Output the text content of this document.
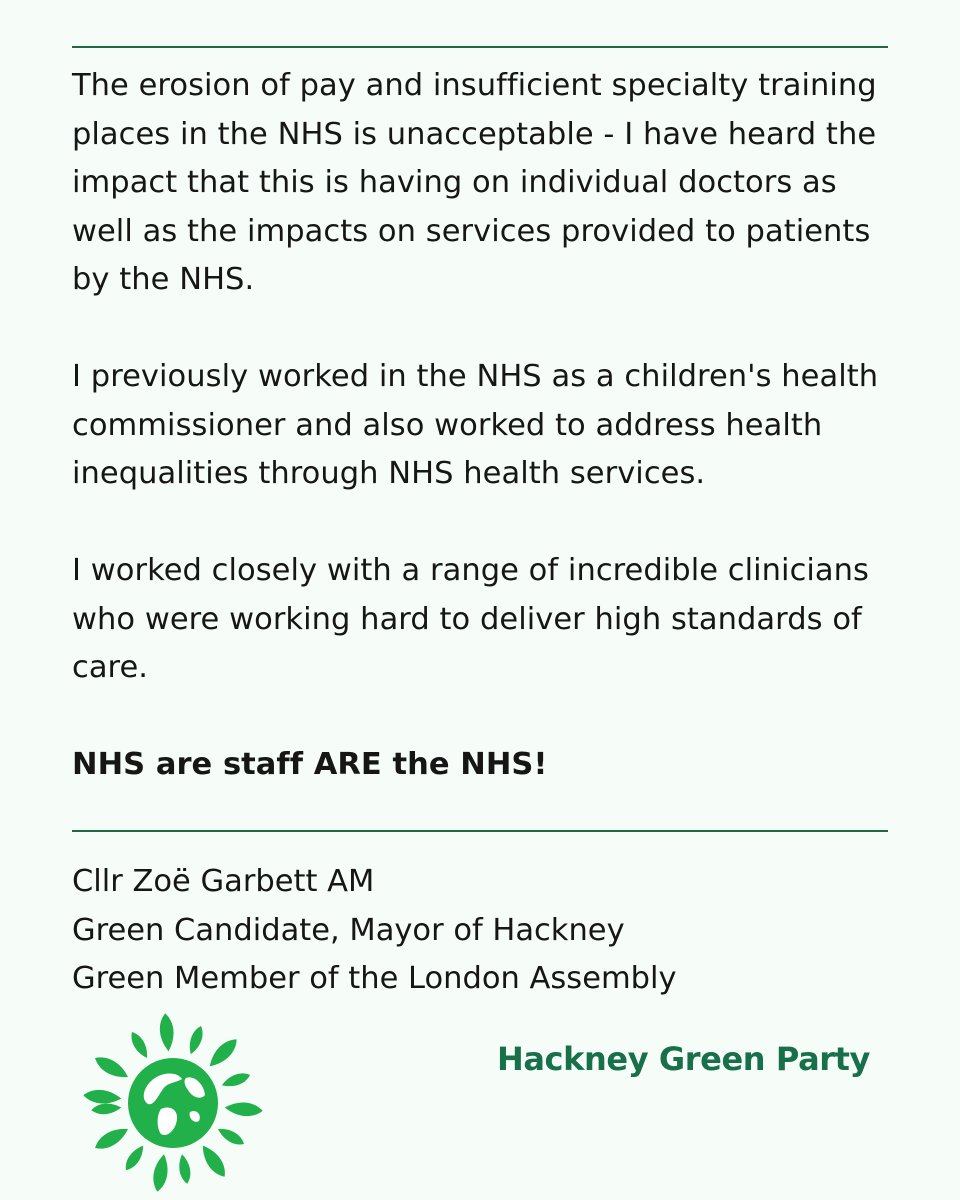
The erosion of pay and insufficient specialty training places in the NHS is unacceptable - I have heard the impact that this is having on individual doctors as well as the impacts on services provided to patients by the NHS.

I previously worked in the NHS as a children's health commissioner and also worked to address health inequalities through NHS health services.

I worked closely with a range of incredible clinicians who were working hard to deliver high standards of care.

NHS are staff ARE the NHS!

Cllr Zoë Garbett AM
Green Candidate, Mayor of Hackney
Green Member of the London Assembly
Hackney Green Party
